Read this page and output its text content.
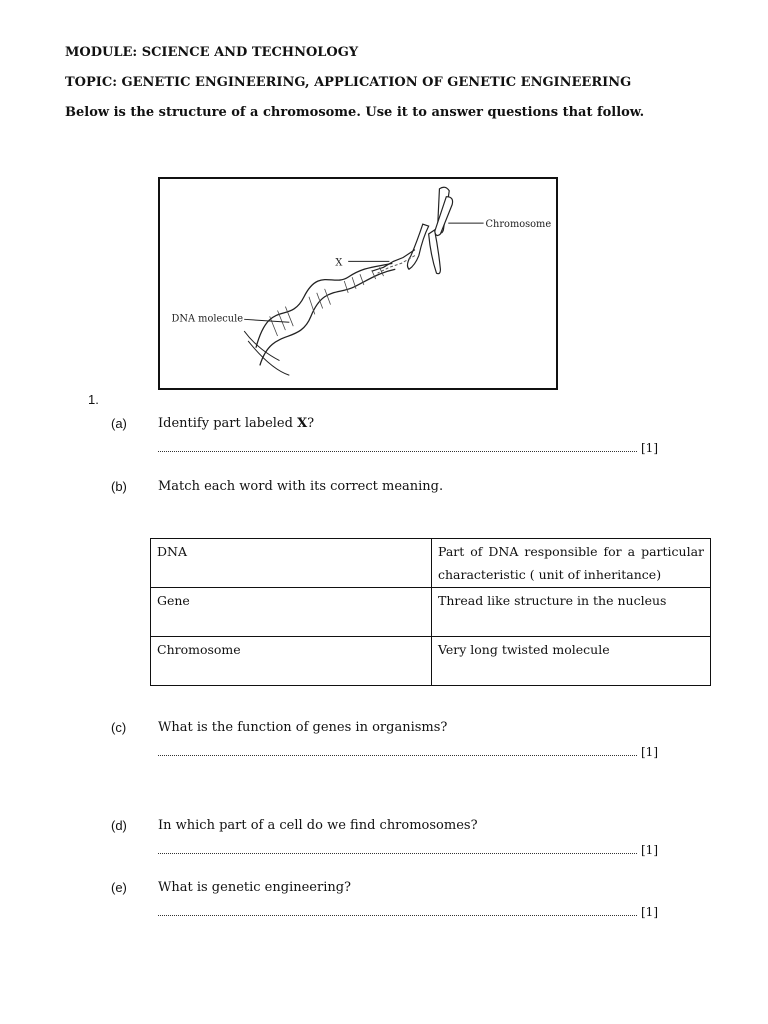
MODULE: SCIENCE AND TECHNOLOGY
TOPIC: GENETIC ENGINEERING, APPLICATION OF GENETIC ENGINEERING
Below is the structure of a chromosome. Use it to answer questions that follow.
Chromosome
X
DNA molecule
1.
(a) Identify part labeled X?
[1]
(b) Match each word with its correct meaning.
DNA	Part of DNA responsible for a particular characteristic ( unit of inheritance)
Gene	Thread like structure in the nucleus
Chromosome	Very long twisted molecule
(c) What is the function of genes in organisms?
[1]
(d) In which part of a cell do we find chromosomes?
[1]
(e) What is genetic engineering?
[1]
